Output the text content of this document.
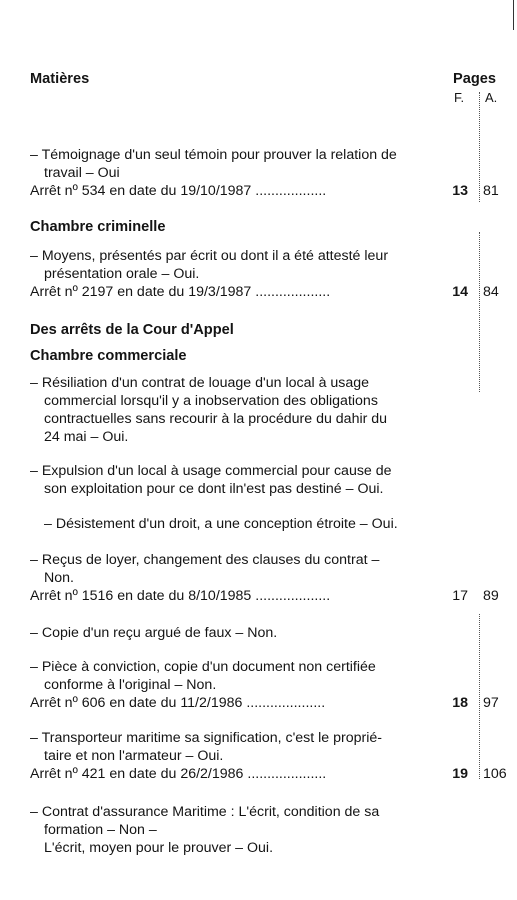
Matières	Pages
F. A.
– Témoignage d'un seul témoin pour prouver la relation de
travail – Oui
Arrêt nº 534 en date du 19/10/1987 ..................	13 81
Chambre criminelle
– Moyens, présentés par écrit ou dont il a été attesté leur
présentation orale – Oui.
Arrêt nº 2197 en date du 19/3/1987 ...................	14 84
Des arrêts de la Cour d'Appel
Chambre commerciale
– Résiliation d'un contrat de louage d'un local à usage
commercial lorsqu'il y a inobservation des obligations
contractuelles sans recourir à la procédure du dahir du
24 mai – Oui.
– Expulsion d'un local à usage commercial pour cause de
son exploitation pour ce dont iln'est pas destiné – Oui.
– Désistement d'un droit, a une conception étroite – Oui.
– Reçus de loyer, changement des clauses du contrat –
Non.
Arrêt nº 1516 en date du 8/10/1985 ...................	17 89
– Copie d'un reçu argué de faux – Non.
– Pièce à conviction, copie d'un document non certifiée
conforme à l'original – Non.
Arrêt nº 606 en date du 11/2/1986 ....................	18 97
– Transporteur maritime sa signification, c'est le proprié-
taire et non l'armateur – Oui.
Arrêt nº 421 en date du 26/2/1986 ....................	19 106
– Contrat d'assurance Maritime : L'écrit, condition de sa
formation – Non –
L'écrit, moyen pour le prouver – Oui.
